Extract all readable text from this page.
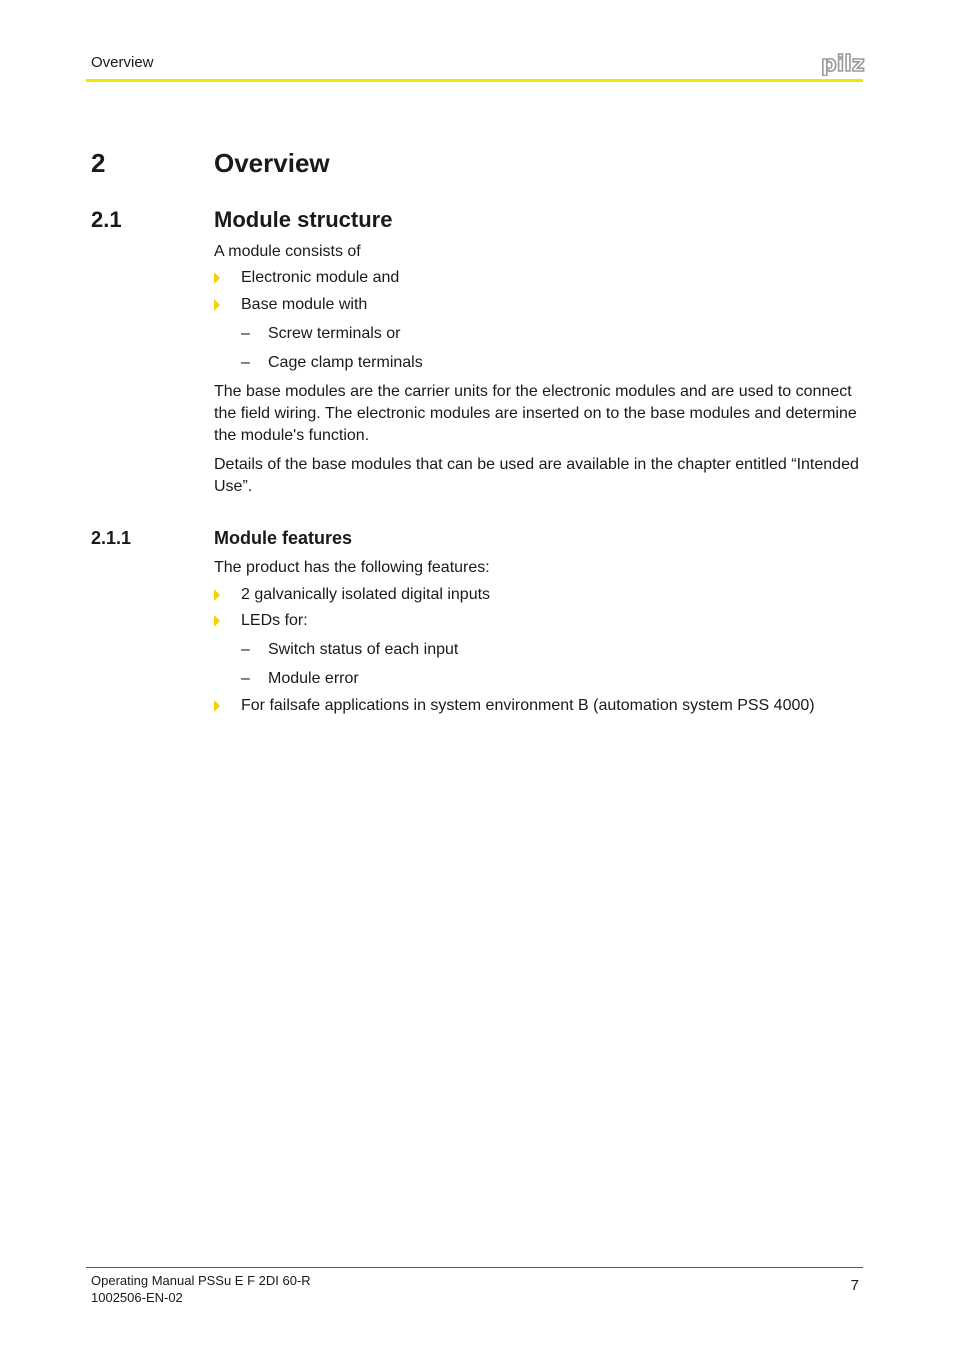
Overview	pilz
2	Overview
2.1	Module structure
A module consists of
Electronic module and
Base module with
– Screw terminals or
– Cage clamp terminals
The base modules are the carrier units for the electronic modules and are used to connect the field wiring. The electronic modules are inserted on to the base modules and determine the module's function.
Details of the base modules that can be used are available in the chapter entitled “Intended Use”.
2.1.1	Module features
The product has the following features:
2 galvanically isolated digital inputs
LEDs for:
– Switch status of each input
– Module error
For failsafe applications in system environment B (automation system PSS 4000)
Operating Manual PSSu E F 2DI 60-R
1002506-EN-02
7
